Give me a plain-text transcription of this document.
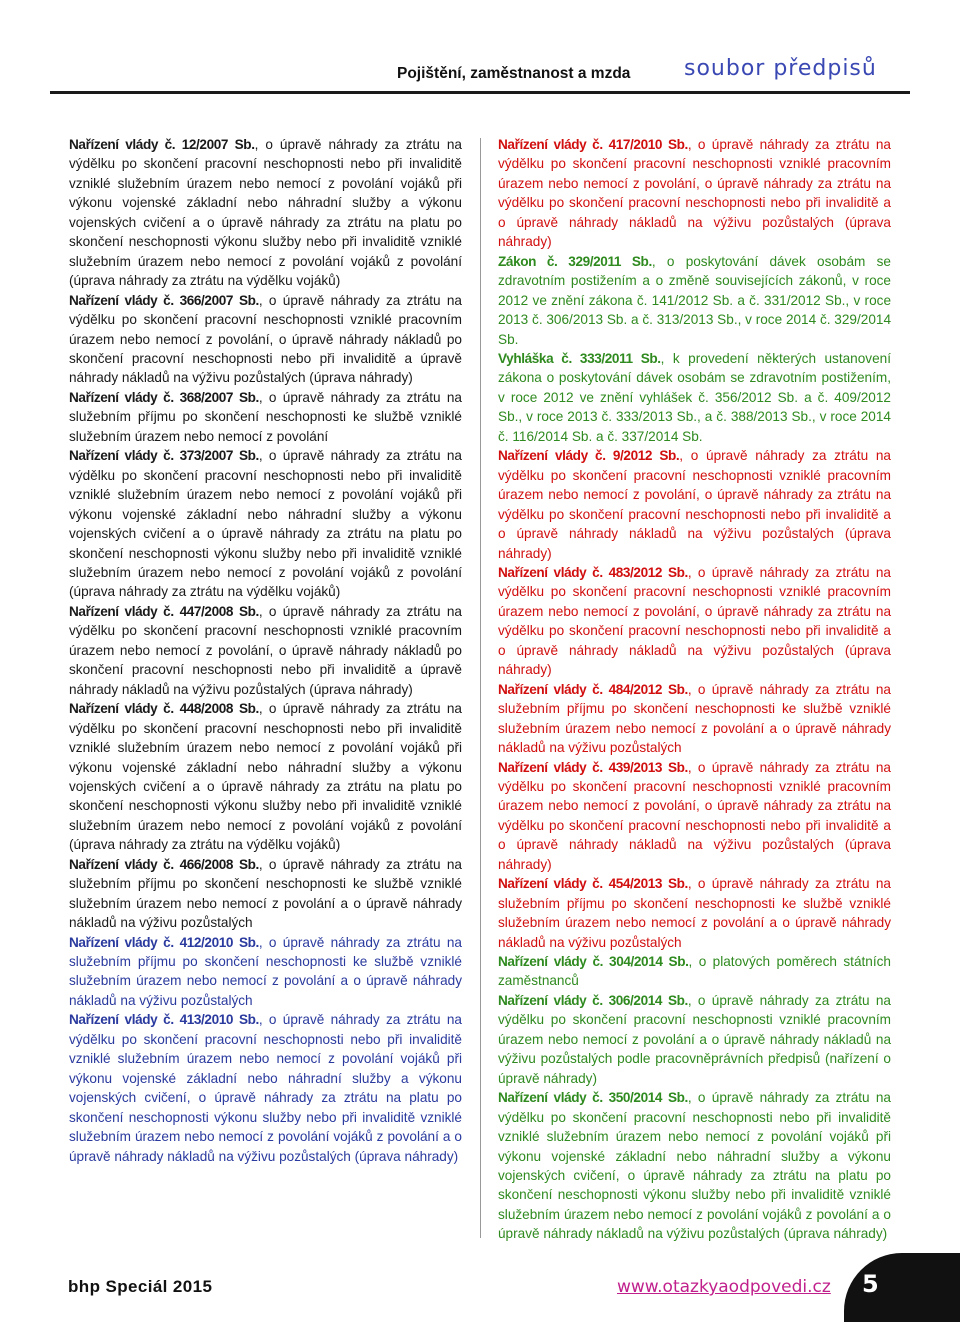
Pojištění, zaměstnanost a mzda soubor předpisů

Nařízení vlády č. 12/2007 Sb., o úpravě náhrady za ztrátu na výdělku po skončení pracovní neschopnosti nebo při invaliditě vzniklé služebním úrazem nebo nemocí z povolání vojáků při výkonu vojenské základní nebo náhradní služby a výkonu vojenských cvičení a o úpravě náhrady za ztrátu na platu po skončení neschopnosti výkonu služby nebo při invaliditě vzniklé služebním úrazem nebo nemocí z povolání vojáků z povolání (úprava náhrady za ztrátu na výdělku vojáků)

Nařízení vlády č. 366/2007 Sb., o úpravě náhrady za ztrátu na výdělku po skončení pracovní neschopnosti vzniklé pracovním úrazem nebo nemocí z povolání, o úpravě náhrady nákladů po skončení pracovní neschopnosti nebo při invaliditě a úpravě náhrady nákladů na výživu pozůstalých (úprava náhrady)

Nařízení vlády č. 368/2007 Sb., o úpravě náhrady za ztrátu na služebním příjmu po skončení neschopnosti ke službě vzniklé služebním úrazem nebo nemocí z povolání

Nařízení vlády č. 373/2007 Sb., o úpravě náhrady za ztrátu na výdělku po skončení pracovní neschopnosti nebo při invaliditě vzniklé služebním úrazem nebo nemocí z povolání vojáků při výkonu vojenské základní nebo náhradní služby a výkonu vojenských cvičení a o úpravě náhrady za ztrátu na platu po skončení neschopnosti výkonu služby nebo při invaliditě vzniklé služebním úrazem nebo nemocí z povolání vojáků z povolání (úprava náhrady za ztrátu na výdělku vojáků)

Nařízení vlády č. 447/2008 Sb., o úpravě náhrady za ztrátu na výdělku po skončení pracovní neschopnosti vzniklé pracovním úrazem nebo nemocí z povolání, o úpravě náhrady nákladů po skončení pracovní neschopnosti nebo při invaliditě a úpravě náhrady nákladů na výživu pozůstalých (úprava náhrady)

Nařízení vlády č. 448/2008 Sb., o úpravě náhrady za ztrátu na výdělku po skončení pracovní neschopnosti nebo při invaliditě vzniklé služebním úrazem nebo nemocí z povolání vojáků při výkonu vojenské základní nebo náhradní služby a výkonu vojenských cvičení a o úpravě náhrady za ztrátu na platu po skončení neschopnosti výkonu služby nebo při invaliditě vzniklé služebním úrazem nebo nemocí z povolání vojáků z povolání (úprava náhrady za ztrátu na výdělku vojáků)

Nařízení vlády č. 466/2008 Sb., o úpravě náhrady za ztrátu na služebním příjmu po skončení neschopnosti ke službě vzniklé služebním úrazem nebo nemocí z povolání a o úpravě náhrady nákladů na výživu pozůstalých

Nařízení vlády č. 412/2010 Sb., o úpravě náhrady za ztrátu na služebním příjmu po skončení neschopnosti ke službě vzniklé služebním úrazem nebo nemocí z povolání a o úpravě náhrady nákladů na výživu pozůstalých

Nařízení vlády č. 413/2010 Sb., o úpravě náhrady za ztrátu na výdělku po skončení pracovní neschopnosti nebo při invaliditě vzniklé služebním úrazem nebo nemocí z povolání vojáků při výkonu vojenské základní nebo náhradní služby a výkonu vojenských cvičení, o úpravě náhrady za ztrátu na platu po skončení neschopnosti výkonu služby nebo při invaliditě vzniklé služebním úrazem nebo nemocí z povolání vojáků z povolání a o úpravě náhrady nákladů na výživu pozůstalých (úprava náhrady)

Nařízení vlády č. 417/2010 Sb., o úpravě náhrady za ztrátu na výdělku po skončení pracovní neschopnosti vzniklé pracovním úrazem nebo nemocí z povolání, o úpravě náhrady za ztrátu na výdělku po skončení pracovní neschopnosti nebo při invaliditě a o úpravě náhrady nákladů na výživu pozůstalých (úprava náhrady)

Zákon č. 329/2011 Sb., o poskytování dávek osobám se zdravotním postižením a o změně souvisejících zákonů, v roce 2012 ve znění zákona č. 141/2012 Sb. a č. 331/2012 Sb., v roce 2013 č. 306/2013 Sb. a č. 313/2013 Sb., v roce 2014 č. 329/2014 Sb.

Vyhláška č. 333/2011 Sb., k provedení některých ustanovení zákona o poskytování dávek osobám se zdravotním postižením, v roce 2012 ve znění vyhlášek č. 356/2012 Sb. a č. 409/2012 Sb., v roce 2013 č. 333/2013 Sb., a č. 388/2013 Sb., v roce 2014 č. 116/2014 Sb. a č. 337/2014 Sb.

Nařízení vlády č. 9/2012 Sb., o úpravě náhrady za ztrátu na výdělku po skončení pracovní neschopnosti vzniklé pracovním úrazem nebo nemocí z povolání, o úpravě náhrady za ztrátu na výdělku po skončení pracovní neschopnosti nebo při invaliditě a o úpravě náhrady nákladů na výživu pozůstalých (úprava náhrady)

Nařízení vlády č. 483/2012 Sb., o úpravě náhrady za ztrátu na výdělku po skončení pracovní neschopnosti vzniklé pracovním úrazem nebo nemocí z povolání, o úpravě náhrady za ztrátu na výdělku po skončení pracovní neschopnosti nebo při invaliditě a o úpravě náhrady nákladů na výživu pozůstalých (úprava náhrady)

Nařízení vlády č. 484/2012 Sb., o úpravě náhrady za ztrátu na služebním příjmu po skončení neschopnosti ke službě vzniklé služebním úrazem nebo nemocí z povolání a o úpravě náhrady nákladů na výživu pozůstalých

Nařízení vlády č. 439/2013 Sb., o úpravě náhrady za ztrátu na výdělku po skončení pracovní neschopnosti vzniklé pracovním úrazem nebo nemocí z povolání, o úpravě náhrady za ztrátu na výdělku po skončení pracovní neschopnosti nebo při invaliditě a o úpravě náhrady nákladů na výživu pozůstalých (úprava náhrady)

Nařízení vlády č. 454/2013 Sb., o úpravě náhrady za ztrátu na služebním příjmu po skončení neschopnosti ke službě vzniklé služebním úrazem nebo nemocí z povolání a o úpravě náhrady nákladů na výživu pozůstalých

Nařízení vlády č. 304/2014 Sb., o platových poměrech státních zaměstnanců

Nařízení vlády č. 306/2014 Sb., o úpravě náhrady za ztrátu na výdělku po skončení pracovní neschopnosti vzniklé pracovním úrazem nebo nemocí z povolání a o úpravě náhrady nákladů na výživu pozůstalých podle pracovněprávních předpisů (nařízení o úpravě náhrady)

Nařízení vlády č. 350/2014 Sb., o úpravě náhrady za ztrátu na výdělku po skončení pracovní neschopnosti nebo při invaliditě vzniklé služebním úrazem nebo nemocí z povolání vojáků při výkonu vojenské základní nebo náhradní služby a výkonu vojenských cvičení, o úpravě náhrady za ztrátu na platu po skončení neschopnosti výkonu služby nebo při invaliditě vzniklé služebním úrazem nebo nemocí z povolání vojáků z povolání a o úpravě náhrady nákladů na výživu pozůstalých (úprava náhrady)

bhp Speciál 2015	www.otazkyaodpovedi.cz 5
